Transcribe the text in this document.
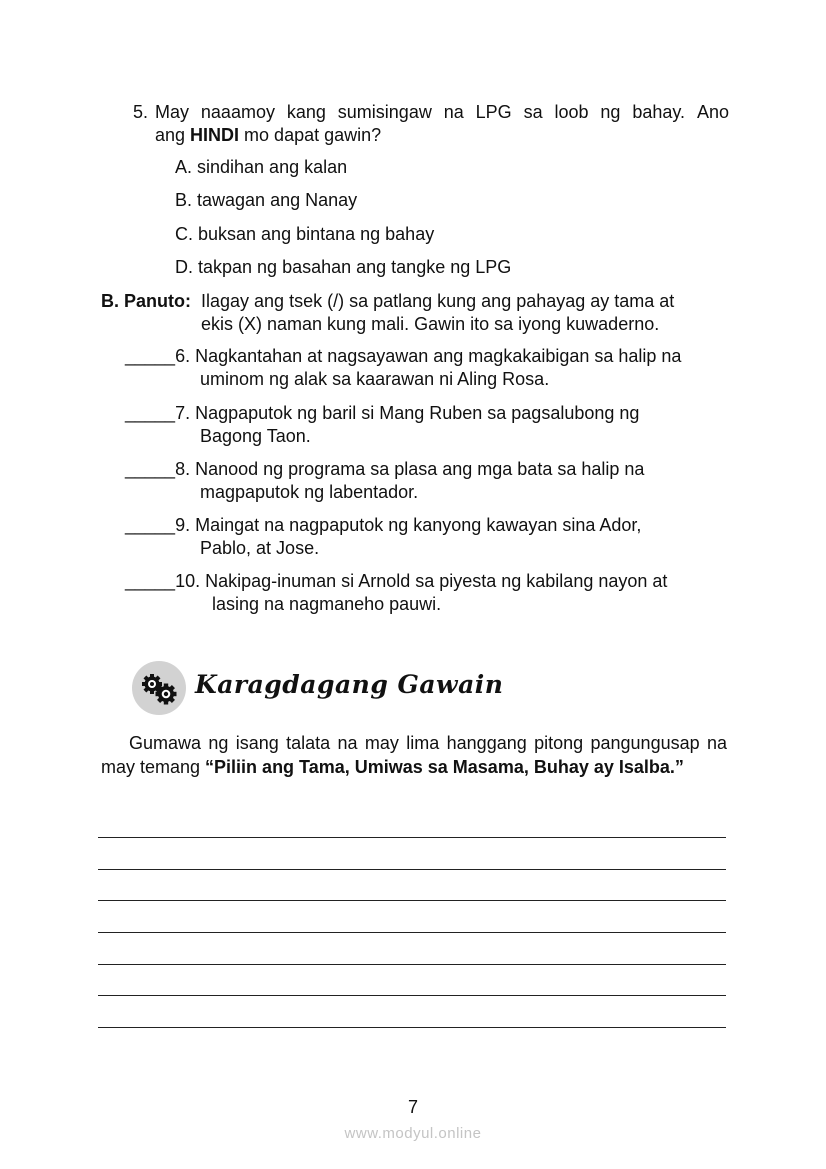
5. May naaamoy kang sumisingaw na LPG sa loob ng bahay. Ano
ang HINDI mo dapat gawin?
A. sindihan ang kalan
B. tawagan ang Nanay
C. buksan ang bintana ng bahay
D. takpan ng basahan ang tangke ng LPG
B. Panuto: Ilagay ang tsek (/) sa patlang kung ang pahayag ay tama at
ekis (X) naman kung mali. Gawin ito sa iyong kuwaderno.
_____6. Nagkantahan at nagsayawan ang magkakaibigan sa halip na
uminom ng alak sa kaarawan ni Aling Rosa.
_____7. Nagpaputok ng baril si Mang Ruben sa pagsalubong ng
Bagong Taon.
_____8. Nanood ng programa sa plasa ang mga bata sa halip na
magpaputok ng labentador.
_____9. Maingat na nagpaputok ng kanyong kawayan sina Ador,
Pablo, at Jose.
_____10. Nakipag-inuman si Arnold sa piyesta ng kabilang nayon at
lasing na nagmaneho pauwi.
Karagdagang Gawain
Gumawa ng isang talata na may lima hanggang pitong pangungusap na may temang “Piliin ang Tama, Umiwas sa Masama, Buhay ay Isalba.”
7
www.modyul.online
